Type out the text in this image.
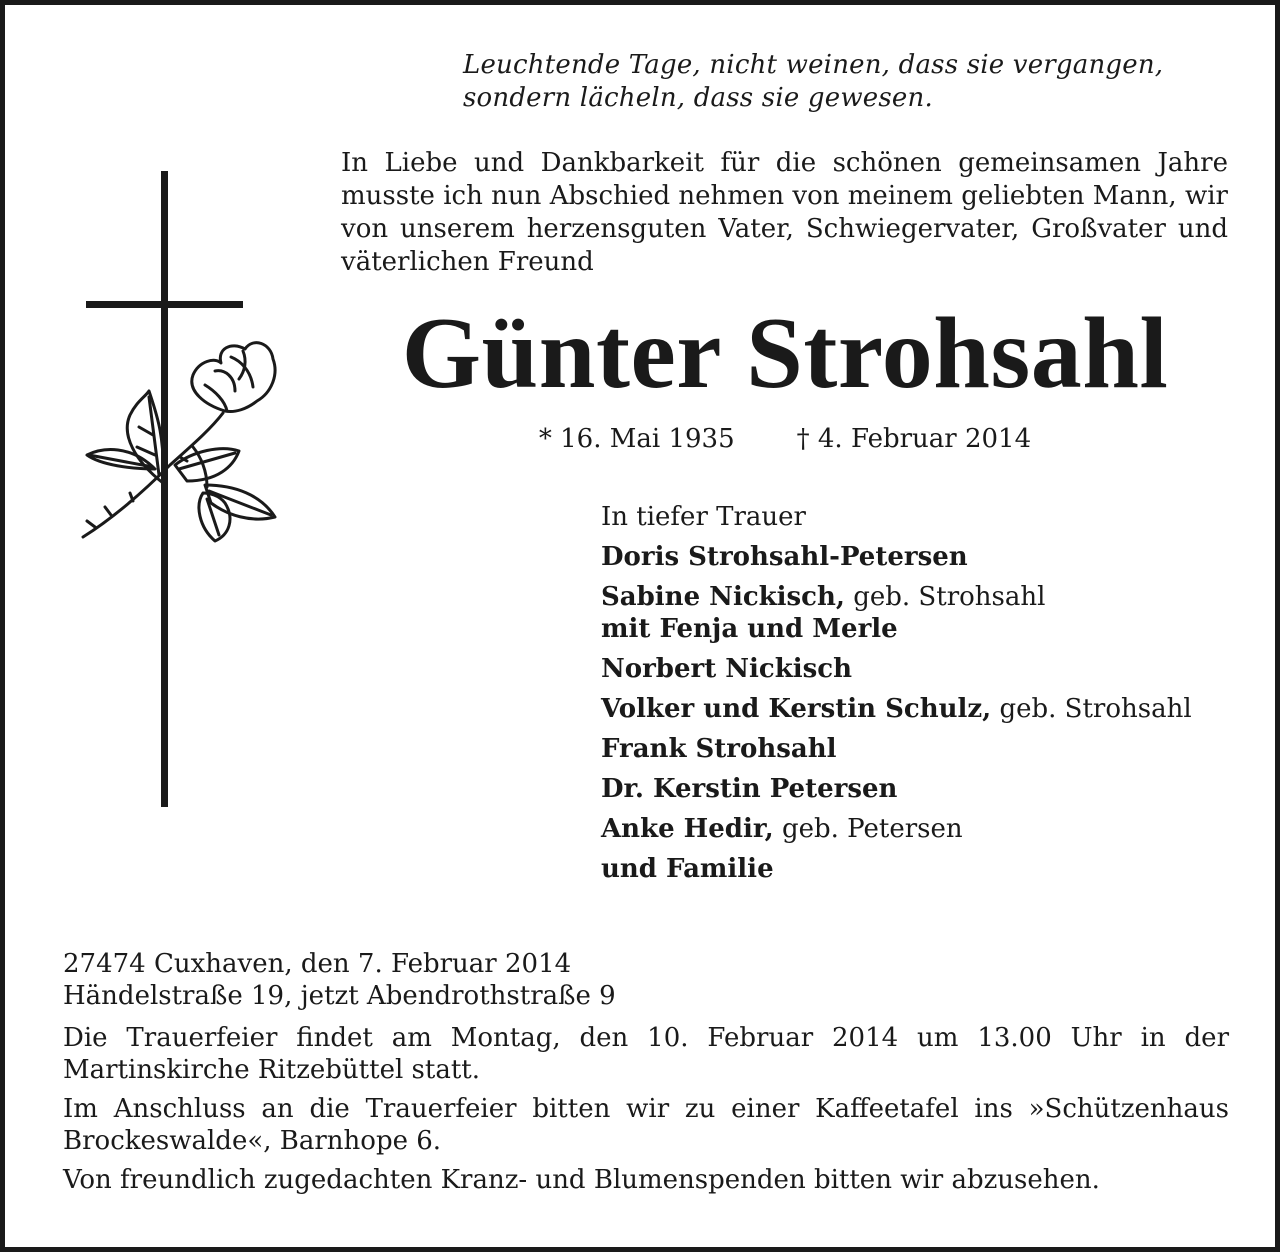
Leuchtende Tage, nicht weinen, dass sie vergangen,
sondern lächeln, dass sie gewesen.
In Liebe und Dankbarkeit für die schönen gemeinsamen Jahre musste ich nun Abschied nehmen von meinem geliebten Mann, wir von unserem herzensguten Vater, Schwiegervater, Großvater und väterlichen Freund
Günter Strohsahl
* 16. Mai 1935 † 4. Februar 2014
In tiefer Trauer
Doris Strohsahl-Petersen
Sabine Nickisch, geb. Strohsahl
mit Fenja und Merle
Norbert Nickisch
Volker und Kerstin Schulz, geb. Strohsahl
Frank Strohsahl
Dr. Kerstin Petersen
Anke Hedir, geb. Petersen
und Familie
27474 Cuxhaven, den 7. Februar 2014

Händelstraße 19, jetzt Abendrothstraße 9

Die Trauerfeier findet am Montag, den 10. Februar 2014 um 13.00 Uhr in der Martinskirche Ritzebüttel statt.

Im Anschluss an die Trauerfeier bitten wir zu einer Kaffeetafel ins »Schützenhaus Brockeswalde«, Barnhope 6.

Von freundlich zugedachten Kranz- und Blumenspenden bitten wir abzusehen.
